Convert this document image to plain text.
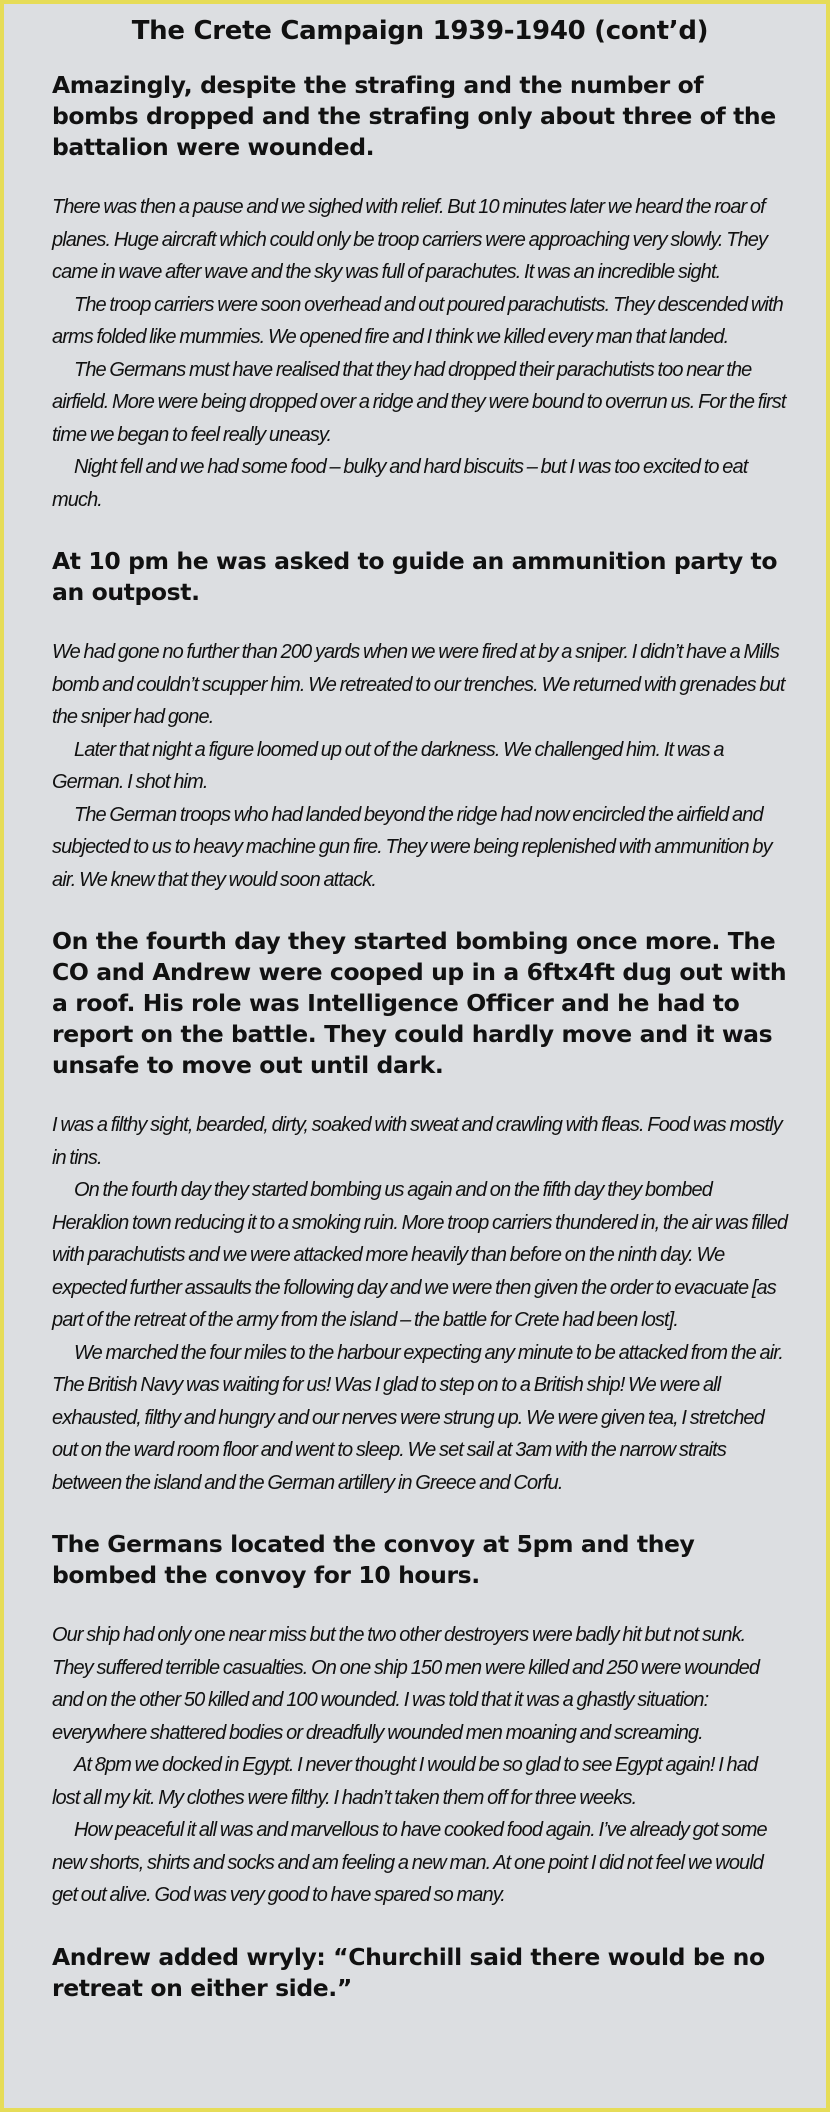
The Crete Campaign 1939-1940 (cont’d)
Amazingly, despite the strafing and the number of bombs dropped and the strafing only about three of the battalion were wounded.

There was then a pause and we sighed with relief. But 10 minutes later we heard the roar of planes. Huge aircraft which could only be troop carriers were approaching very slowly. They came in wave after wave and the sky was full of parachutes. It was an incredible sight.

The troop carriers were soon overhead and out poured parachutists. They descended with arms folded like mummies. We opened fire and I think we killed every man that landed.

The Germans must have realised that they had dropped their parachutists too near the airfield. More were being dropped over a ridge and they were bound to overrun us. For the first time we began to feel really uneasy.

Night fell and we had some food – bulky and hard biscuits – but I was too excited to eat much.

At 10 pm he was asked to guide an ammunition party to an outpost.

We had gone no further than 200 yards when we were fired at by a sniper. I didn’t have a Mills bomb and couldn’t scupper him. We retreated to our trenches. We returned with grenades but the sniper had gone.

Later that night a figure loomed up out of the darkness. We challenged him. It was a German. I shot him.

The German troops who had landed beyond the ridge had now encircled the airfield and subjected to us to heavy machine gun fire. They were being replenished with ammunition by air. We knew that they would soon attack.

On the fourth day they started bombing once more. The CO and Andrew were cooped up in a 6ftx4ft dug out with a roof. His role was Intelligence Officer and he had to report on the battle. They could hardly move and it was unsafe to move out until dark.

I was a filthy sight, bearded, dirty, soaked with sweat and crawling with fleas. Food was mostly in tins.

On the fourth day they started bombing us again and on the fifth day they bombed Heraklion town reducing it to a smoking ruin. More troop carriers thundered in, the air was filled with parachutists and we were attacked more heavily than before on the ninth day. We expected further assaults the following day and we were then given the order to evacuate [as part of the retreat of the army from the island – the battle for Crete had been lost].

We marched the four miles to the harbour expecting any minute to be attacked from the air. The British Navy was waiting for us! Was I glad to step on to a British ship! We were all exhausted, filthy and hungry and our nerves were strung up. We were given tea, I stretched out on the ward room floor and went to sleep. We set sail at 3am with the narrow straits between the island and the German artillery in Greece and Corfu.

The Germans located the convoy at 5pm and they bombed the convoy for 10 hours.

Our ship had only one near miss but the two other destroyers were badly hit but not sunk. They suffered terrible casualties. On one ship 150 men were killed and 250 were wounded and on the other 50 killed and 100 wounded. I was told that it was a ghastly situation: everywhere shattered bodies or dreadfully wounded men moaning and screaming.

At 8pm we docked in Egypt. I never thought I would be so glad to see Egypt again! I had lost all my kit. My clothes were filthy. I hadn’t taken them off for three weeks.

How peaceful it all was and marvellous to have cooked food again. I’ve already got some new shorts, shirts and socks and am feeling a new man. At one point I did not feel we would get out alive. God was very good to have spared so many.

Andrew added wryly: “Churchill said there would be no retreat on either side.”
